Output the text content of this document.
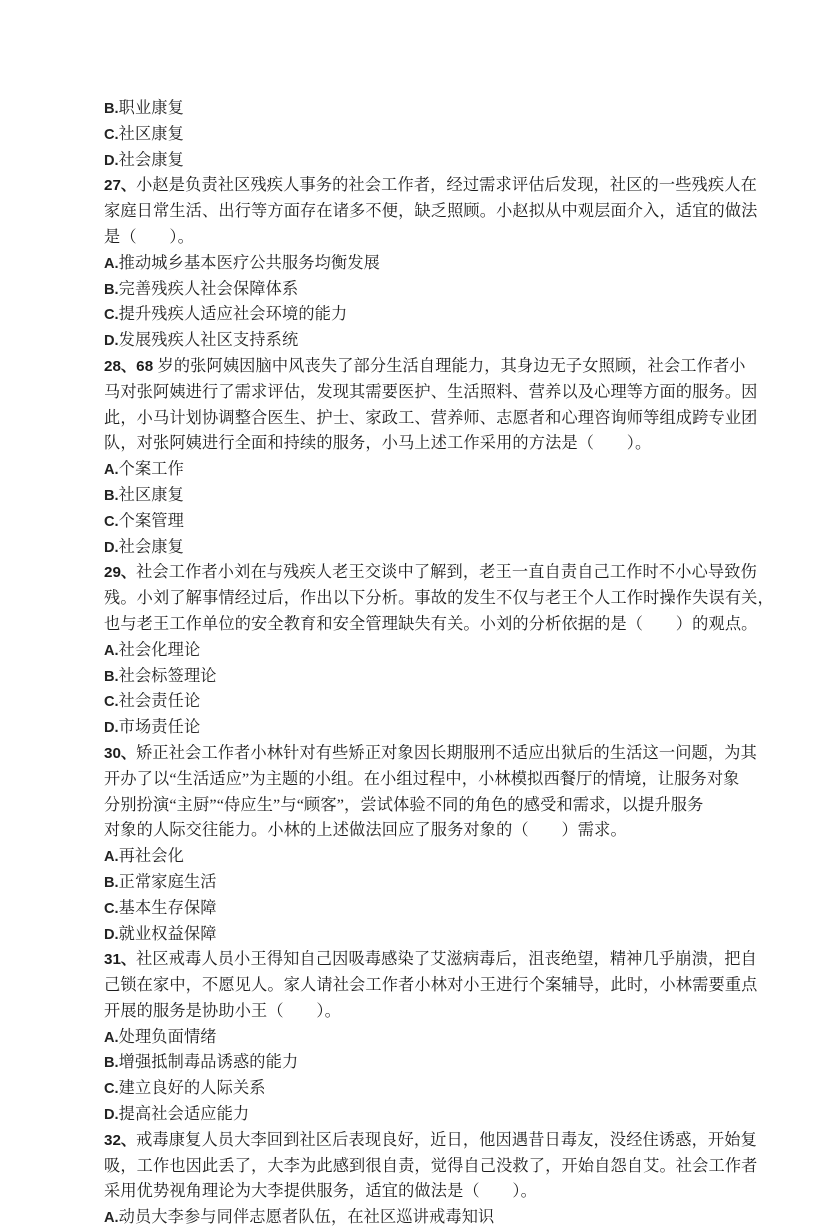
B.职业康复
C.社区康复
D.社会康复
27、小赵是负责社区残疾人事务的社会工作者，经过需求评估后发现，社区的一些残疾人在
家庭日常生活、出行等方面存在诸多不便，缺乏照顾。小赵拟从中观层面介入，适宜的做法
是（　　）。
A.推动城乡基本医疗公共服务均衡发展
B.完善残疾人社会保障体系
C.提升残疾人适应社会环境的能力
D.发展残疾人社区支持系统
28、68 岁的张阿姨因脑中风丧失了部分生活自理能力，其身边无子女照顾，社会工作者小
马对张阿姨进行了需求评估，发现其需要医护、生活照料、营养以及心理等方面的服务。因
此，小马计划协调整合医生、护士、家政工、营养师、志愿者和心理咨询师等组成跨专业团
队，对张阿姨进行全面和持续的服务，小马上述工作采用的方法是（　　）。
A.个案工作
B.社区康复
C.个案管理
D.社会康复
29、社会工作者小刘在与残疾人老王交谈中了解到，老王一直自责自己工作时不小心导致伤
残。小刘了解事情经过后，作出以下分析。事故的发生不仅与老王个人工作时操作失误有关，
也与老王工作单位的安全教育和安全管理缺失有关。小刘的分析依据的是（　　）的观点。
A.社会化理论
B.社会标签理论
C.社会责任论
D.市场责任论
30、矫正社会工作者小林针对有些矫正对象因长期服刑不适应出狱后的生活这一问题，为其
开办了以“生活适应”为主题的小组。在小组过程中，小林模拟西餐厅的情境，让服务对象
分别扮演“主厨”“侍应生”与“顾客”，尝试体验不同的角色的感受和需求，以提升服务
对象的人际交往能力。小林的上述做法回应了服务对象的（　　）需求。
A.再社会化
B.正常家庭生活
C.基本生存保障
D.就业权益保障
31、社区戒毒人员小王得知自己因吸毒感染了艾滋病毒后，沮丧绝望，精神几乎崩溃，把自
己锁在家中，不愿见人。家人请社会工作者小林对小王进行个案辅导，此时，小林需要重点
开展的服务是协助小王（　　）。
A.处理负面情绪
B.增强抵制毒品诱惑的能力
C.建立良好的人际关系
D.提高社会适应能力
32、戒毒康复人员大李回到社区后表现良好，近日，他因遇昔日毒友，没经住诱惑，开始复
吸，工作也因此丢了，大李为此感到很自责，觉得自己没救了，开始自怨自艾。社会工作者
采用优势视角理论为大李提供服务，适宜的做法是（　　）。
A.动员大李参与同伴志愿者队伍，在社区巡讲戒毒知识
